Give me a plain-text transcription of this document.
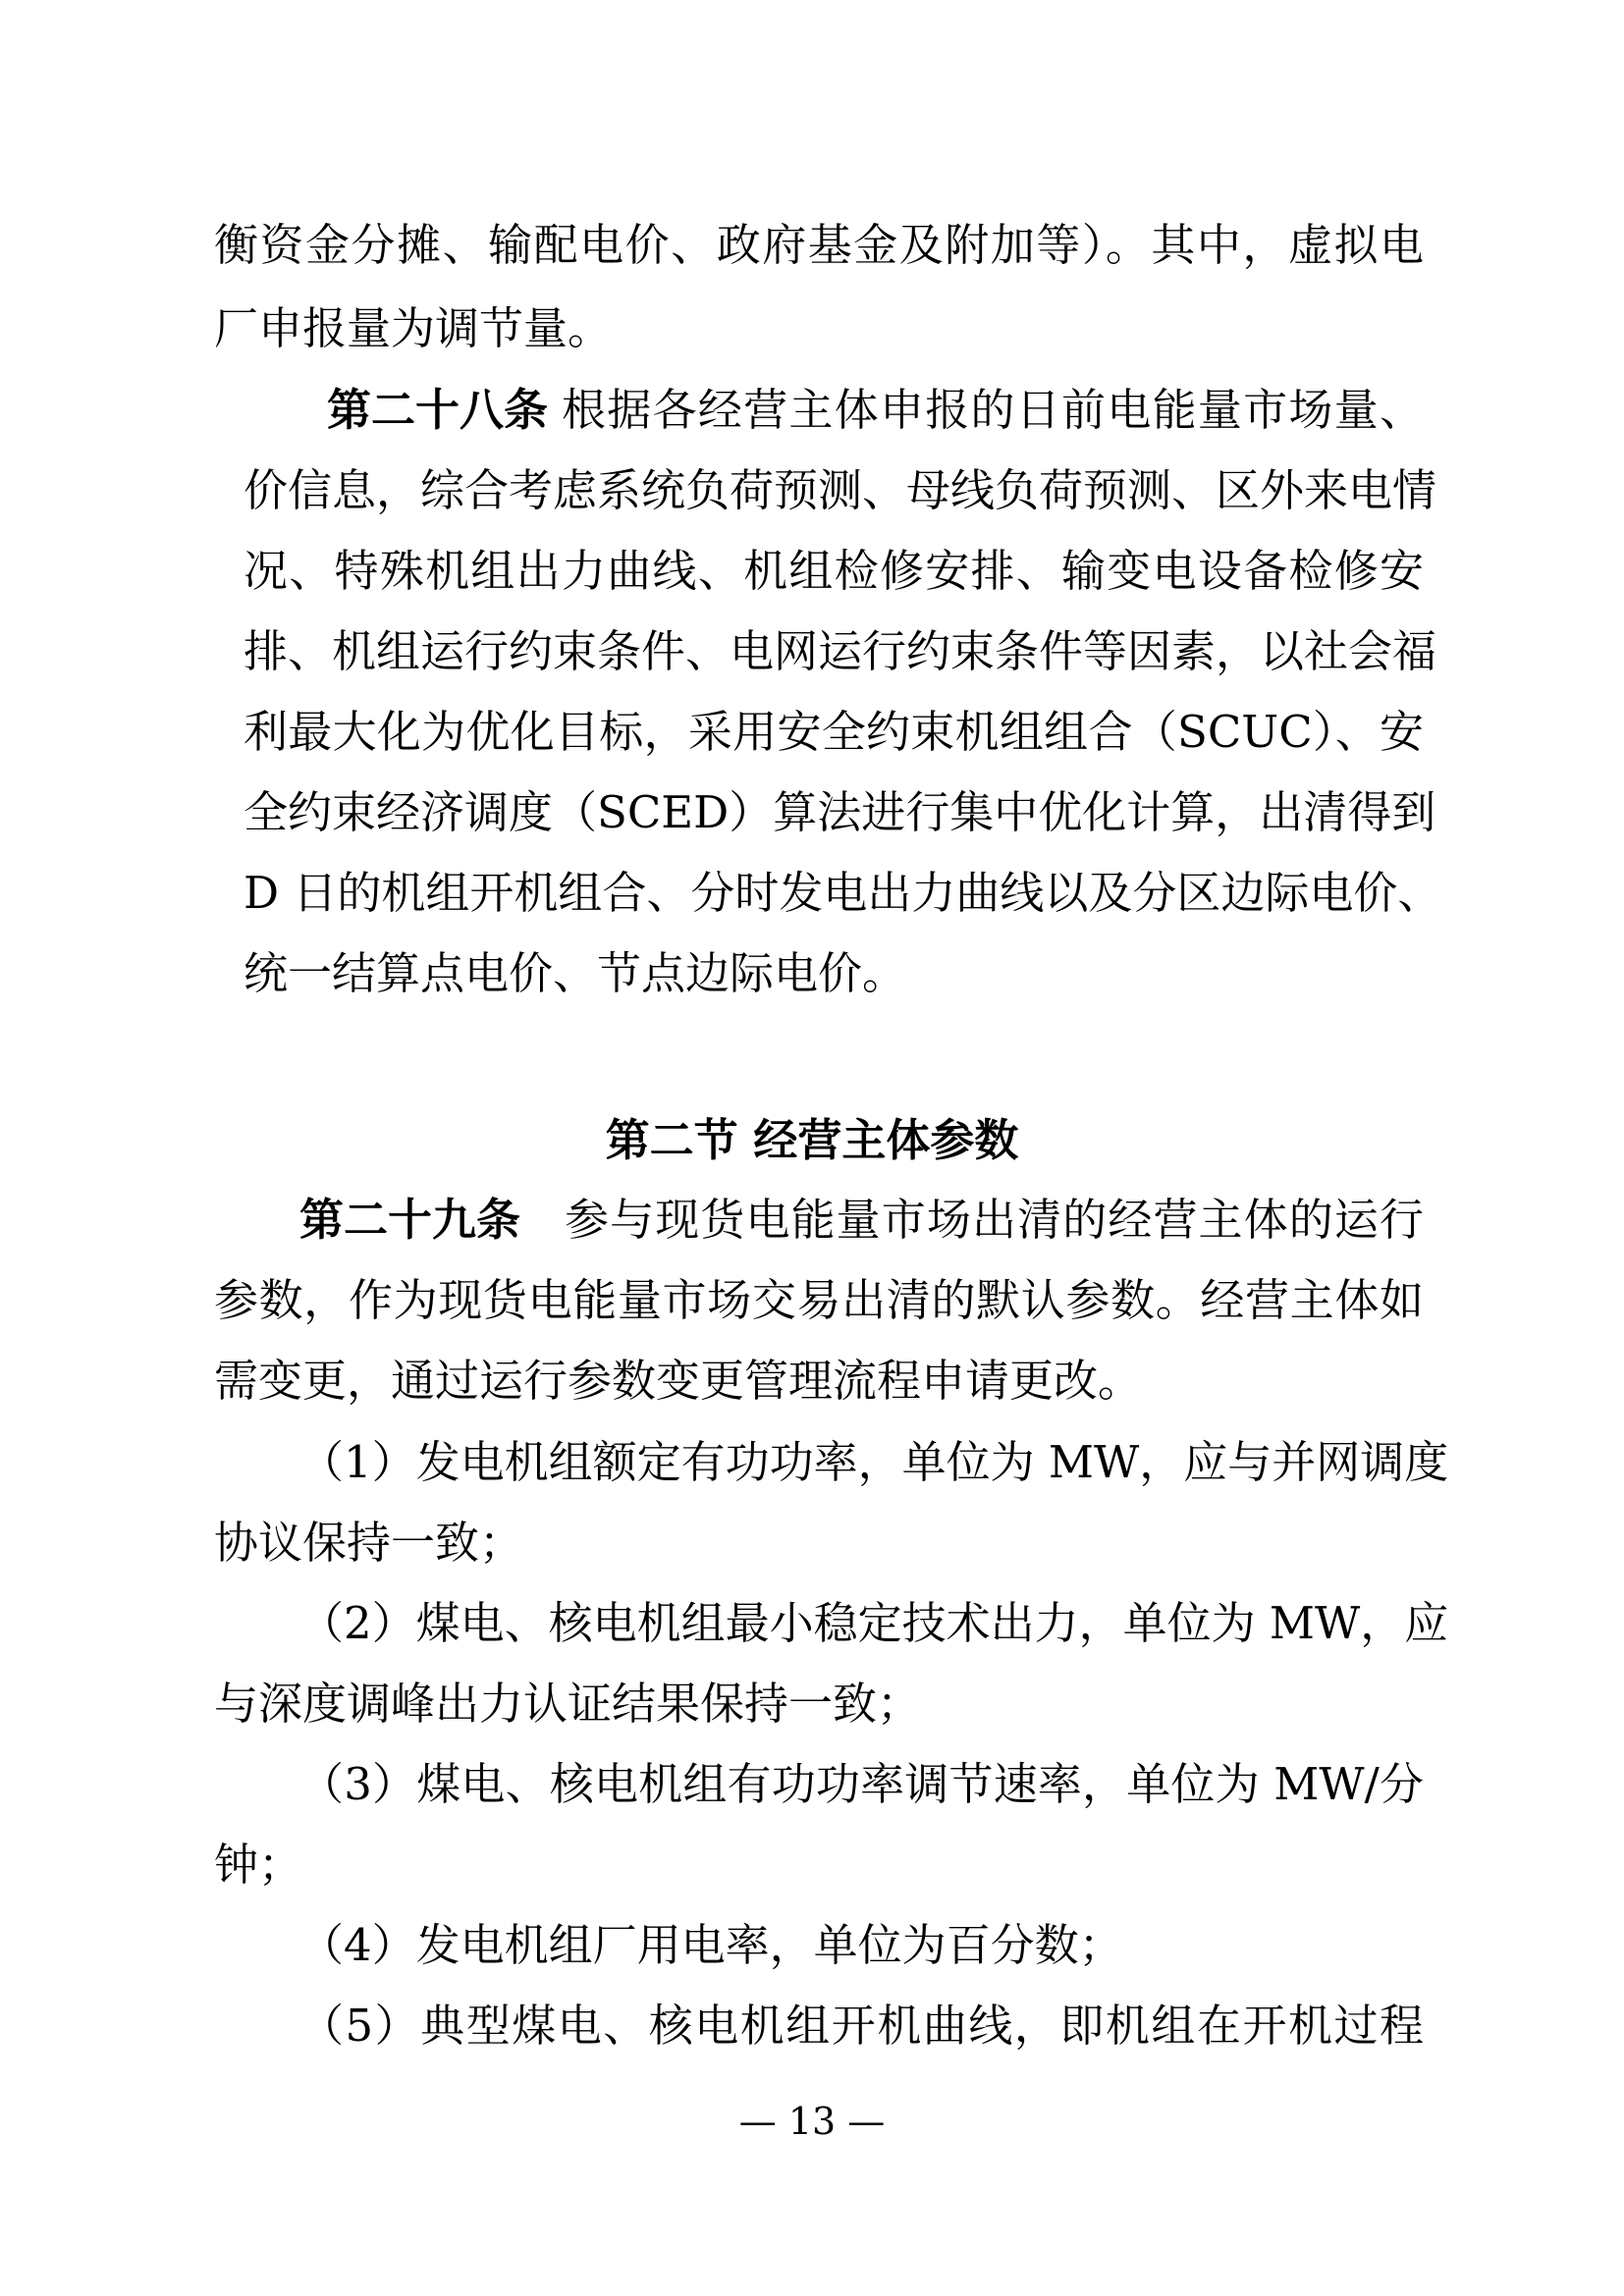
衡资金分摊、输配电价、政府基金及附加等）。其中，虚拟电
厂申报量为调节量。
第二十八条 根据各经营主体申报的日前电能量市场量、
价信息，综合考虑系统负荷预测、母线负荷预测、区外来电情
况、特殊机组出力曲线、机组检修安排、输变电设备检修安
排、机组运行约束条件、电网运行约束条件等因素，以社会福
利最大化为优化目标，采用安全约束机组组合（SCUC）、安
全约束经济调度（SCED）算法进行集中优化计算，出清得到
D 日的机组开机组合、分时发电出力曲线以及分区边际电价、
统一结算点电价、节点边际电价。
第二节 经营主体参数
第二十九条 参与现货电能量市场出清的经营主体的运行
参数，作为现货电能量市场交易出清的默认参数。经营主体如
需变更，通过运行参数变更管理流程申请更改。
（1）发电机组额定有功功率，单位为 MW，应与并网调度
协议保持一致；
（2）煤电、核电机组最小稳定技术出力，单位为 MW，应
与深度调峰出力认证结果保持一致；
（3）煤电、核电机组有功功率调节速率，单位为 MW/分
钟；
（4）发电机组厂用电率，单位为百分数；
（5）典型煤电、核电机组开机曲线，即机组在开机过程
— 13 —
